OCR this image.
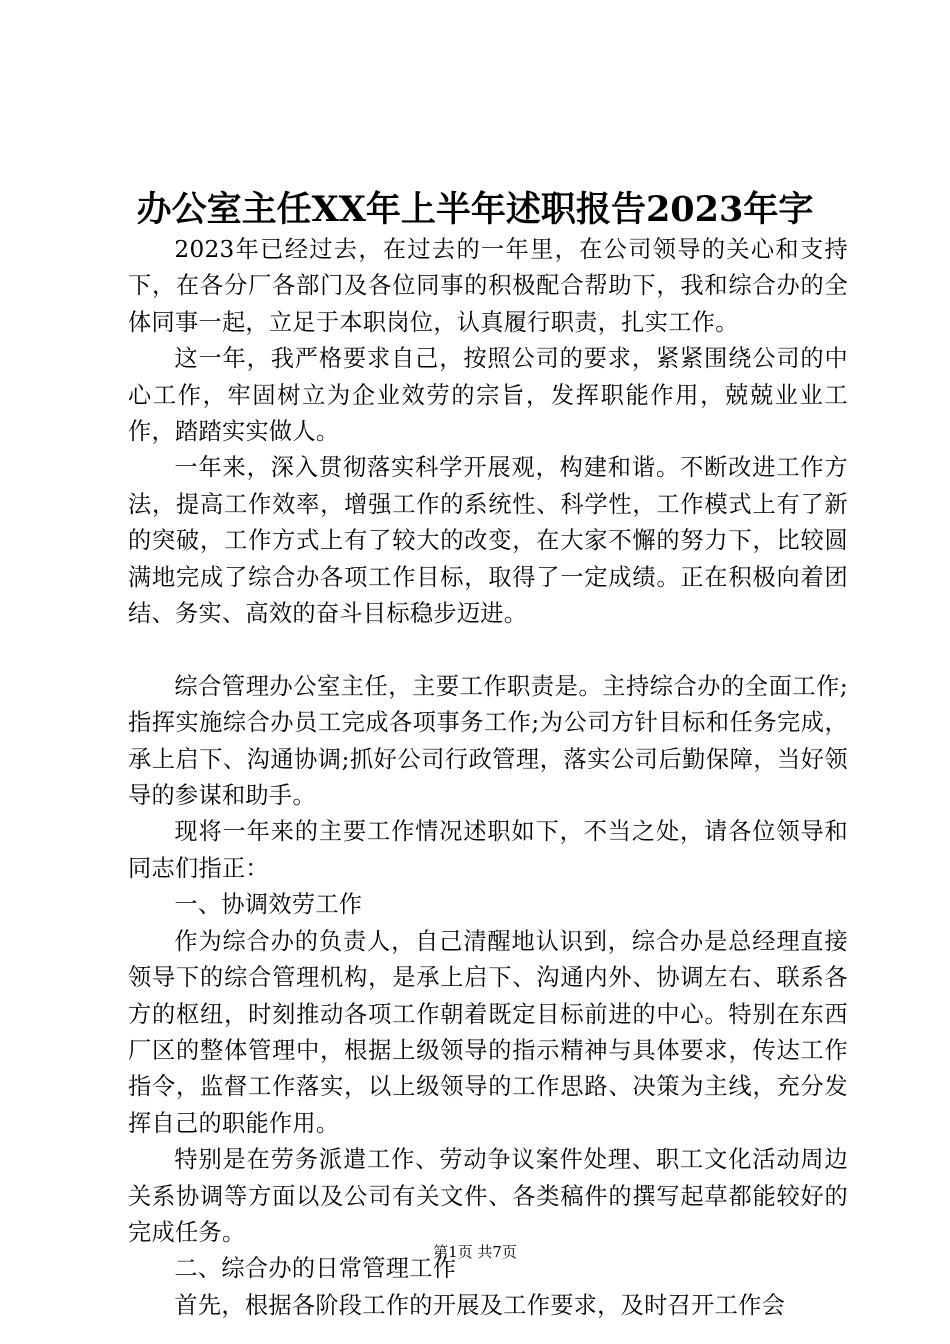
办公室主任XX年上半年述职报告2023年字

2023年已经过去，在过去的一年里，在公司领导的关心和支持下，在各分厂各部门及各位同事的积极配合帮助下，我和综合办的全体同事一起，立足于本职岗位，认真履行职责，扎实工作。

这一年，我严格要求自己，按照公司的要求，紧紧围绕公司的中心工作，牢固树立为企业效劳的宗旨，发挥职能作用，兢兢业业工作，踏踏实实做人。

一年来，深入贯彻落实科学开展观，构建和谐。不断改进工作方法，提高工作效率，增强工作的系统性、科学性，工作模式上有了新的突破，工作方式上有了较大的改变，在大家不懈的努力下，比较圆满地完成了综合办各项工作目标，取得了一定成绩。正在积极向着团结、务实、高效的奋斗目标稳步迈进。

综合管理办公室主任，主要工作职责是。主持综合办的全面工作;指挥实施综合办员工完成各项事务工作;为公司方针目标和任务完成，承上启下、沟通协调;抓好公司行政管理，落实公司后勤保障，当好领导的参谋和助手。

现将一年来的主要工作情况述职如下，不当之处，请各位领导和同志们指正：

一、协调效劳工作

作为综合办的负责人，自己清醒地认识到，综合办是总经理直接领导下的综合管理机构，是承上启下、沟通内外、协调左右、联系各方的枢纽，时刻推动各项工作朝着既定目标前进的中心。特别在东西厂区的整体管理中，根据上级领导的指示精神与具体要求，传达工作指令，监督工作落实，以上级领导的工作思路、决策为主线，充分发挥自己的职能作用。

特别是在劳务派遣工作、劳动争议案件处理、职工文化活动周边关系协调等方面以及公司有关文件、各类稿件的撰写起草都能较好的完成任务。

二、综合办的日常管理工作

首先，根据各阶段工作的开展及工作要求，及时召开工作会

第1页 共7页
